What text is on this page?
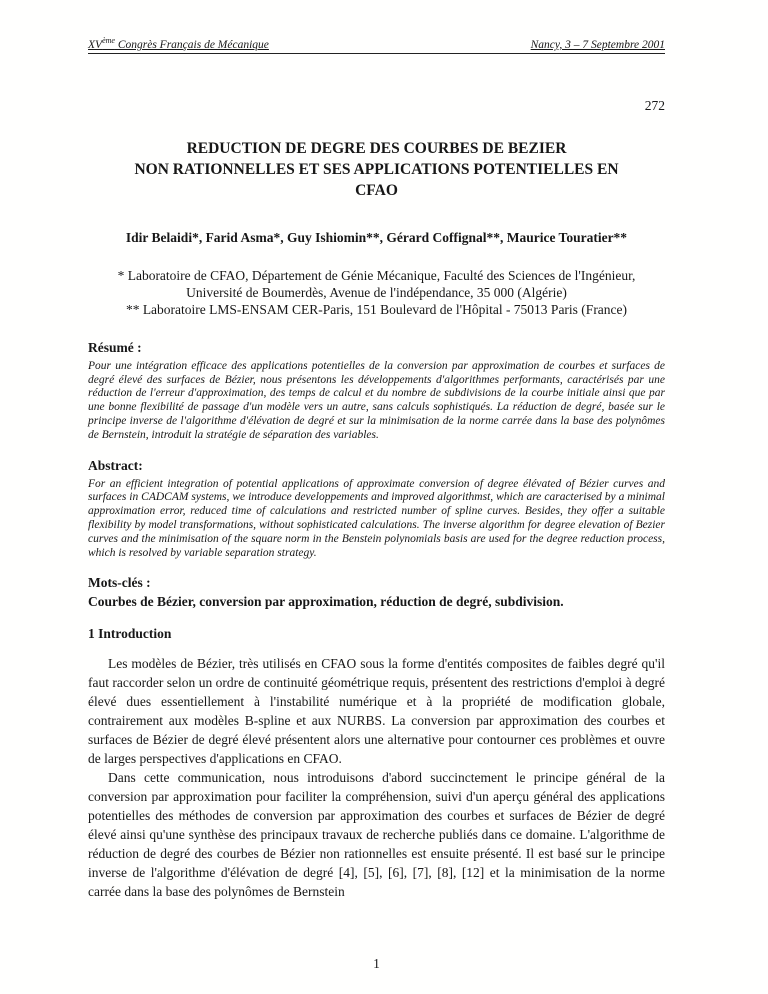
XVème Congrès Français de Mécanique	Nancy, 3 – 7 Septembre 2001
272
REDUCTION DE DEGRE DES COURBES DE BEZIER
NON RATIONNELLES ET SES APPLICATIONS POTENTIELLES EN
CFAO

Idir Belaidi*, Farid Asma*, Guy Ishiomin**, Gérard Coffignal**, Maurice Touratier**

* Laboratoire de CFAO, Département de Génie Mécanique, Faculté des Sciences de l'Ingénieur,

Université de Boumerdès, Avenue de l'indépendance, 35 000 (Algérie)

** Laboratoire LMS-ENSAM CER-Paris, 151 Boulevard de l'Hôpital - 75013 Paris (France)

Résumé :

Pour une intégration efficace des applications potentielles de la conversion par approximation de courbes et surfaces de degré élevé des surfaces de Bézier, nous présentons les développements d'algorithmes performants, caractérisés par une réduction de l'erreur d'approximation, des temps de calcul et du nombre de subdivisions de la courbe initiale ainsi que par une bonne flexibilité de passage d'un modèle vers un autre, sans calculs sophistiqués. La réduction de degré, basée sur le principe inverse de l'algorithme d'élévation de degré et sur la minimisation de la norme carrée dans la base des polynômes de Bernstein, introduit la stratégie de séparation des variables.

Abstract:

For an efficient integration of potential applications of approximate conversion of degree élévated of Bézier curves and surfaces in CADCAM systems, we introduce developpements and improved algorithmst, which are caracterised by a minimal approximation error, reduced time of calculations and restricted number of spline curves. Besides, they offer a suitable flexibility by model transformations, without sophisticated calculations. The inverse algorithm for degree elevation of Bezier curves and the minimisation of the square norm in the Benstein polynomials basis are used for the degree reduction process, which is resolved by variable separation strategy.

Mots-clés :

Courbes de Bézier, conversion par approximation, réduction de degré, subdivision.

1 Introduction

Les modèles de Bézier, très utilisés en CFAO sous la forme d'entités composites de faibles degré qu'il faut raccorder selon un ordre de continuité géométrique requis, présentent des restrictions d'emploi à degré élevé dues essentiellement à l'instabilité numérique et à la propriété de modification globale, contrairement aux modèles B-spline et aux NURBS. La conversion par approximation des courbes et surfaces de Bézier de degré élevé présentent alors une alternative pour contourner ces problèmes et ouvre de larges perspectives d'applications en CFAO.

Dans cette communication, nous introduisons d'abord succinctement le principe général de la conversion par approximation pour faciliter la compréhension, suivi d'un aperçu général des applications potentielles des méthodes de conversion par approximation des courbes et surfaces de Bézier de degré élevé ainsi qu'une synthèse des principaux travaux de recherche publiés dans ce domaine. L'algorithme de réduction de degré des courbes de Bézier non rationnelles est ensuite présenté. Il est basé sur le principe inverse de l'algorithme d'élévation de degré [4], [5], [6], [7], [8], [12] et la minimisation de la norme carrée dans la base des polynômes de Bernstein

1
